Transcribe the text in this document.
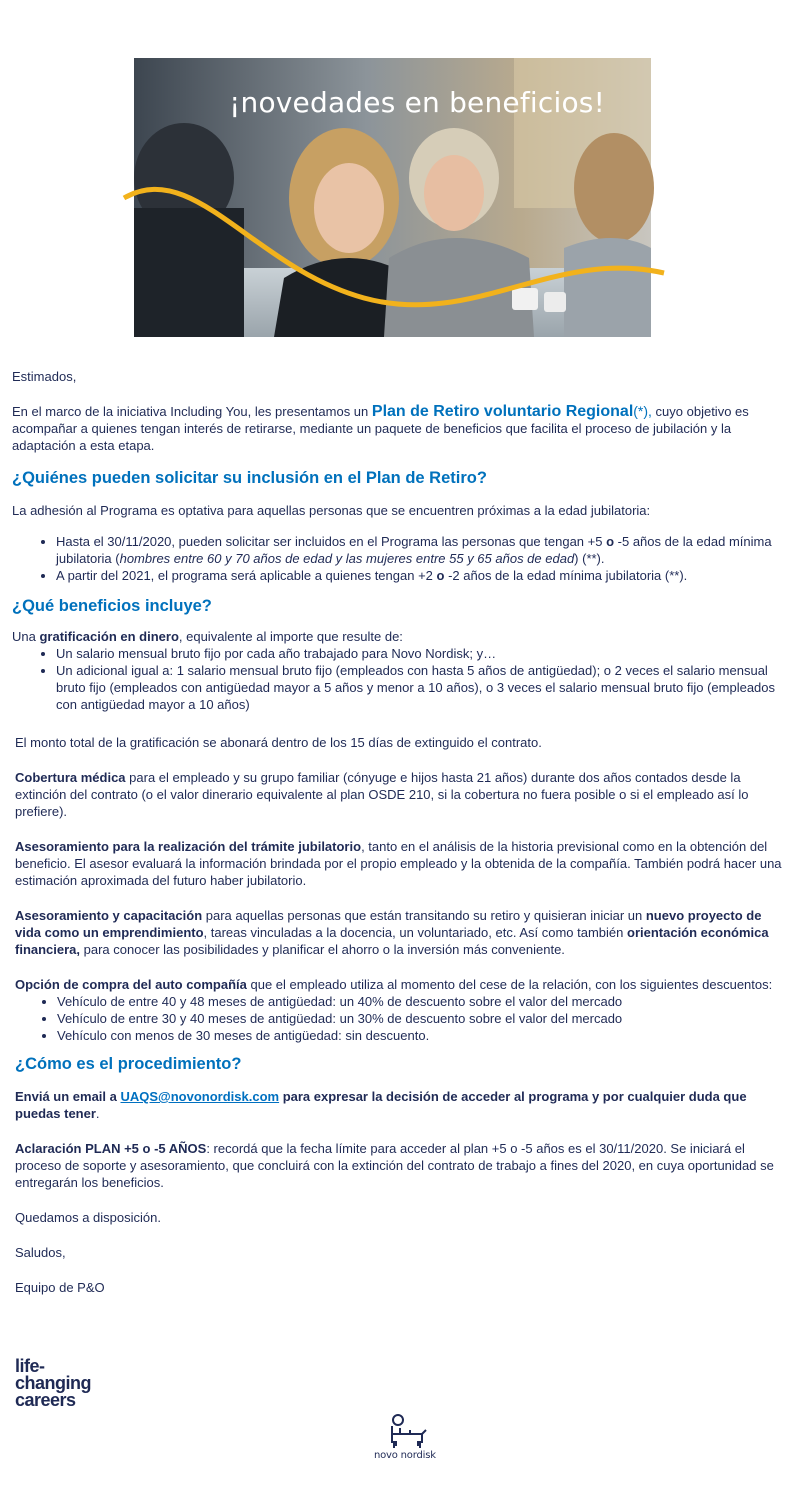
¡novedades en beneficios!

Estimados,

En el marco de la iniciativa Including You, les presentamos un Plan de Retiro voluntario Regional(*), cuyo objetivo es acompañar a quienes tengan interés de retirarse, mediante un paquete de beneficios que facilita el proceso de jubilación y la adaptación a esta etapa.

¿Quiénes pueden solicitar su inclusión en el Plan de Retiro?

La adhesión al Programa es optativa para aquellas personas que se encuentren próximas a la edad jubilatoria:

• Hasta el 30/11/2020, pueden solicitar ser incluidos en el Programa las personas que tengan +5 o -5 años de la edad mínima jubilatoria (hombres entre 60 y 70 años de edad y las mujeres entre 55 y 65 años de edad) (**).
• A partir del 2021, el programa será aplicable a quienes tengan +2 o -2 años de la edad mínima jubilatoria (**).
¿Qué beneficios incluye?

Una gratificación en dinero, equivalente al importe que resulte de:

• Un salario mensual bruto fijo por cada año trabajado para Novo Nordisk; y…
• Un adicional igual a: 1 salario mensual bruto fijo (empleados con hasta 5 años de antigüedad); o 2 veces el salario mensual bruto fijo (empleados con antigüedad mayor a 5 años y menor a 10 años), o 3 veces el salario mensual bruto fijo (empleados con antigüedad mayor a 10 años)

El monto total de la gratificación se abonará dentro de los 15 días de extinguido el contrato.

Cobertura médica para el empleado y su grupo familiar (cónyuge e hijos hasta 21 años) durante dos años contados desde la extinción del contrato (o el valor dinerario equivalente al plan OSDE 210, si la cobertura no fuera posible o si el empleado así lo prefiere).

Asesoramiento para la realización del trámite jubilatorio, tanto en el análisis de la historia previsional como en la obtención del beneficio. El asesor evaluará la información brindada por el propio empleado y la obtenida de la compañía. También podrá hacer una estimación aproximada del futuro haber jubilatorio.

Asesoramiento y capacitación para aquellas personas que están transitando su retiro y quisieran iniciar un nuevo proyecto de vida como un emprendimiento, tareas vinculadas a la docencia, un voluntariado, etc. Así como también orientación económica financiera, para conocer las posibilidades y planificar el ahorro o la inversión más conveniente.

Opción de compra del auto compañía que el empleado utiliza al momento del cese de la relación, con los siguientes descuentos:

• Vehículo de entre 40 y 48 meses de antigüedad: un 40% de descuento sobre el valor del mercado
• Vehículo de entre 30 y 40 meses de antigüedad: un 30% de descuento sobre el valor del mercado
• Vehículo con menos de 30 meses de antigüedad: sin descuento.
¿Cómo es el procedimiento?

Enviá un email a UAQS@novonordisk.com para expresar la decisión de acceder al programa y por cualquier duda que puedas tener.

Aclaración PLAN +5 o -5 AÑOS: recordá que la fecha límite para acceder al plan +5 o -5 años es el 30/11/2020. Se iniciará el proceso de soporte y asesoramiento, que concluirá con la extinción del contrato de trabajo a fines del 2020, en cuya oportunidad se entregarán los beneficios.

Quedamos a disposición.

Saludos,

Equipo de P&O

life-
changing
careers
novo nordisk
